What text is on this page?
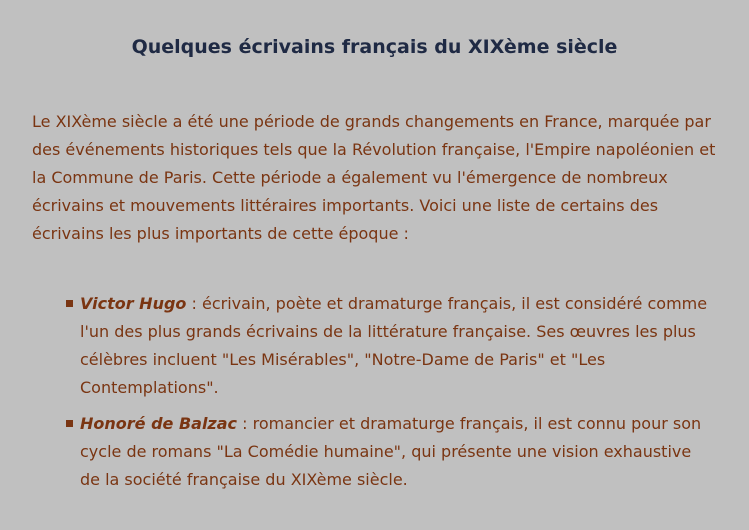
Quelques écrivains français du XIXème siècle

Le XIXème siècle a été une période de grands changements en France, marquée par des événements historiques tels que la Révolution française, l'Empire napoléonien et la Commune de Paris. Cette période a également vu l'émergence de nombreux écrivains et mouvements littéraires importants. Voici une liste de certains des écrivains les plus importants de cette époque :

Victor Hugo : écrivain, poète et dramaturge français, il est considéré comme l'un des plus grands écrivains de la littérature française. Ses œuvres les plus célèbres incluent "Les Misérables", "Notre-Dame de Paris" et "Les Contemplations".
Honoré de Balzac : romancier et dramaturge français, il est connu pour son cycle de romans "La Comédie humaine", qui présente une vision exhaustive de la société française du XIXème siècle.
